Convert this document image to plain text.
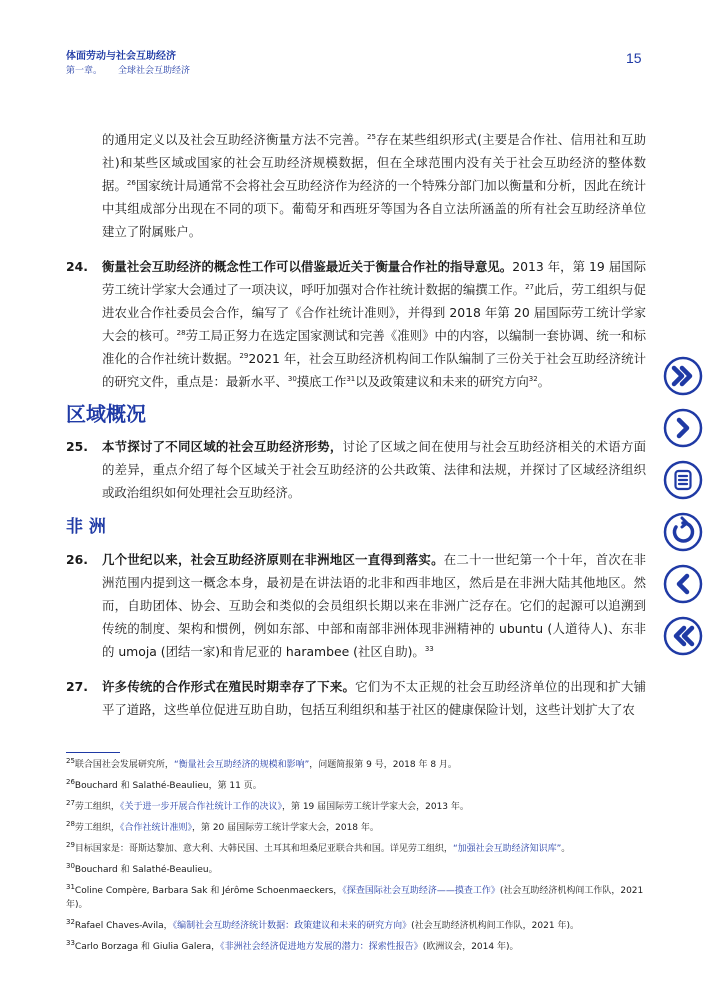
体面劳动与社会互助经济
第一章。 全球社会互助经济
15

的通用定义以及社会互助经济衡量方法不完善。$^{25}$存在某些组织形式(主要是合作社、信用社和互助社)和某些区域或国家的社会互助经济规模数据，但在全球范围内没有关于社会互助经济的整体数据。$^{26}$国家统计局通常不会将社会互助经济作为经济的一个特殊分部门加以衡量和分析，因此在统计中其组成部分出现在不同的项下。葡萄牙和西班牙等国为各自立法所涵盖的所有社会互助经济单位建立了附属账户。

24. 衡量社会互助经济的概念性工作可以借鉴最近关于衡量合作社的指导意见。2013 年，第 19 届国际劳工统计学家大会通过了一项决议，呼吁加强对合作社统计数据的编撰工作。$^{27}$此后，劳工组织与促进农业合作社委员会合作，编写了《合作社统计准则》，并得到 2018 年第 20 届国际劳工统计学家大会的核可。$^{28}$劳工局正努力在选定国家测试和完善《准则》中的内容，以编制一套协调、统一和标准化的合作社统计数据。$^{29}$2021 年，社会互助经济机构间工作队编制了三份关于社会互助经济统计的研究文件，重点是：最新水平、$^{30}$摸底工作$^{31}$以及政策建议和未来的研究方向$^{32}$。

区域概况

25. 本节探讨了不同区域的社会互助经济形势，讨论了区域之间在使用与社会互助经济相关的术语方面的差异，重点介绍了每个区域关于社会互助经济的公共政策、法律和法规，并探讨了区域经济组织或政治组织如何处理社会互助经济。

非 洲

26. 几个世纪以来，社会互助经济原则在非洲地区一直得到落实。在二十一世纪第一个十年，首次在非洲范围内提到这一概念本身，最初是在讲法语的北非和西非地区，然后是在非洲大陆其他地区。然而，自助团体、协会、互助会和类似的会员组织长期以来在非洲广泛存在。它们的起源可以追溯到传统的制度、架构和惯例，例如东部、中部和南部非洲体现非洲精神的 ubuntu (人道待人)、东非的 umoja (团结一家)和肯尼亚的 harambee (社区自助)。$^{33}$

27. 许多传统的合作形式在殖民时期幸存了下来。它们为不太正规的社会互助经济单位的出现和扩大铺平了道路，这些单位促进互助自助，包括互利组织和基于社区的健康保险计划，这些计划扩大了农

$^{25}$联合国社会发展研究所，“衡量社会互助经济的规模和影响”，问题简报第 9 号，2018 年 8 月。

$^{26}$Bouchard 和 Salathé-Beaulieu，第 11 页。

$^{27}$劳工组织，《关于进一步开展合作社统计工作的决议》，第 19 届国际劳工统计学家大会，2013 年。

$^{28}$劳工组织，《合作社统计准则》，第 20 届国际劳工统计学家大会，2018 年。

$^{29}$目标国家是：哥斯达黎加、意大利、大韩民国、土耳其和坦桑尼亚联合共和国。详见劳工组织，“加强社会互助经济知识库”。

$^{30}$Bouchard 和 Salathé-Beaulieu。

$^{31}$Coline Compère, Barbara Sak 和 Jérôme Schoenmaeckers，《探查国际社会互助经济——摸查工作》(社会互助经济机构间工作队，2021 年)。

$^{32}$Rafael Chaves-Avila，《编制社会互助经济统计数据：政策建议和未来的研究方向》(社会互助经济机构间工作队，2021 年)。

$^{33}$Carlo Borzaga 和 Giulia Galera，《非洲社会经济促进地方发展的潜力：探索性报告》(欧洲议会，2014 年)。
